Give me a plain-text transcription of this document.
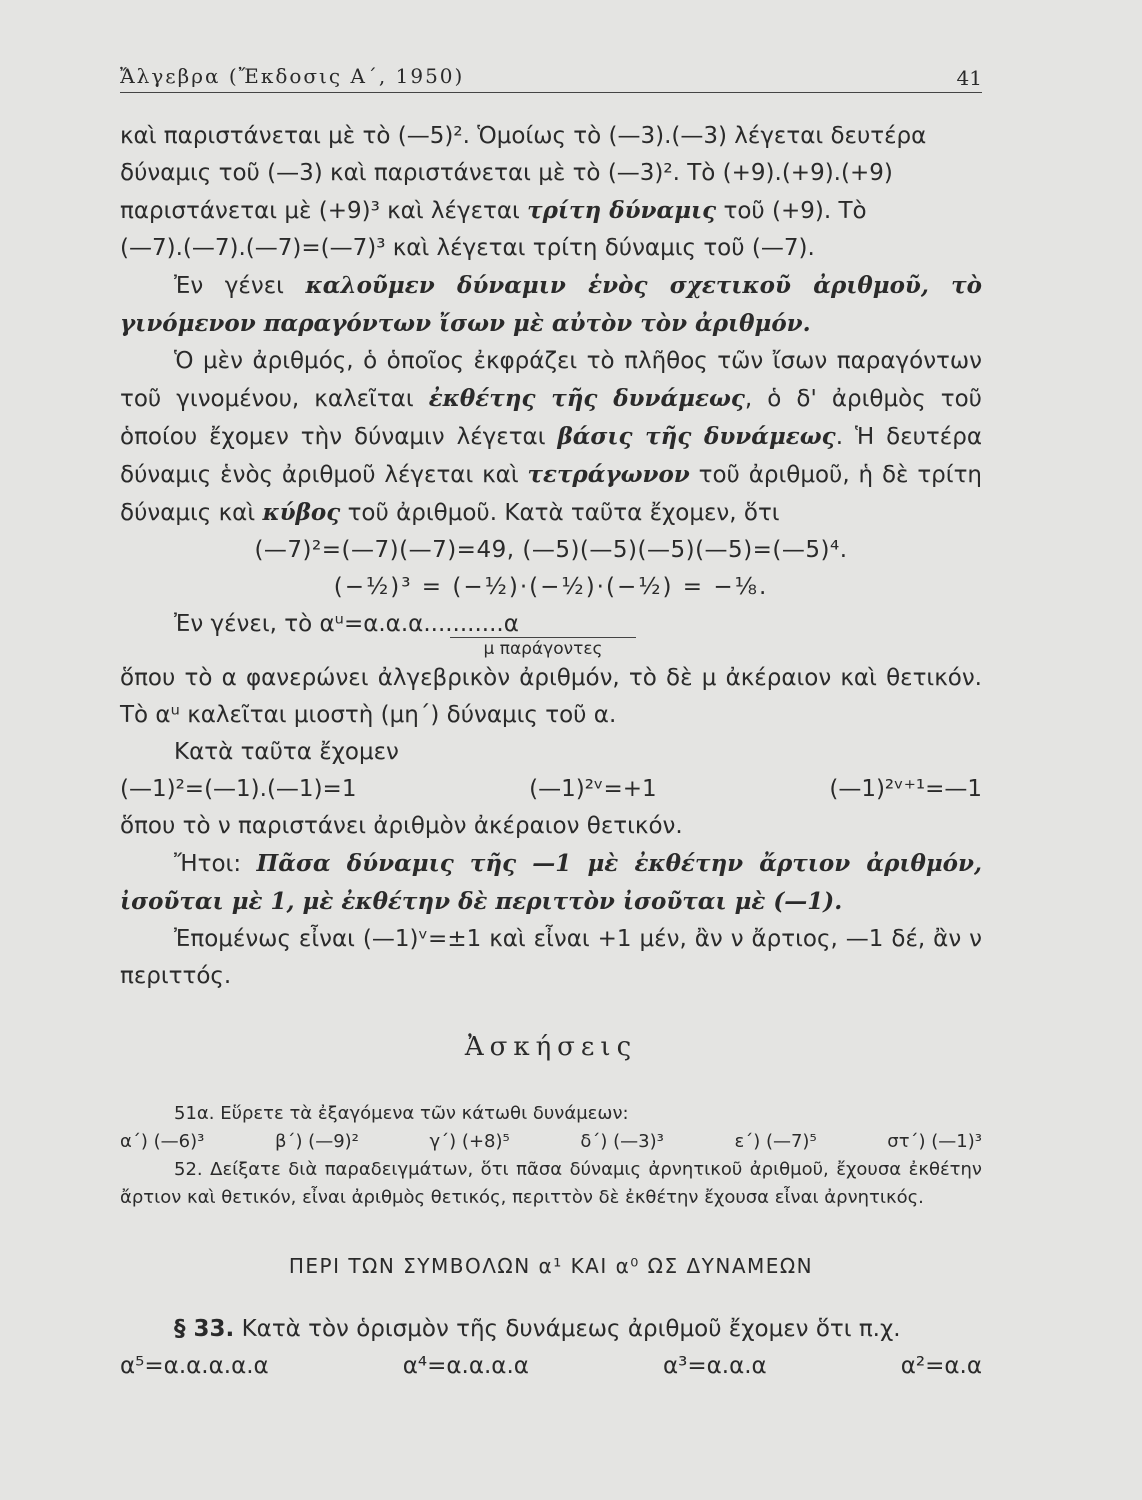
Ἄλγεβρα (Ἔκδοσις Α΄, 1950)	41

καὶ παριστάνεται μὲ τὸ (—5)². Ὁμοίως τὸ (—3).(—3) λέγεται δευτέρα

δύναμις τοῦ (—3) καὶ παριστάνεται μὲ τὸ (—3)². Τὸ (+9).(+9).(+9)

παριστάνεται μὲ (+9)³ καὶ λέγεται τρίτη δύναμις τοῦ (+9). Τὸ

(—7).(—7).(—7)=(—7)³ καὶ λέγεται τρίτη δύναμις τοῦ (—7).

Ἐν γένει καλοῦμεν δύναμιν ἑνὸς σχετικοῦ ἀριθμοῦ, τὸ γινόμενον παραγόντων ἴσων μὲ αὐτὸν τὸν ἀριθμόν.

Ὁ μὲν ἀριθμός, ὁ ὁποῖος ἐκφράζει τὸ πλῆθος τῶν ἴσων παραγόντων τοῦ γινομένου, καλεῖται ἐκθέτης τῆς δυνάμεως, ὁ δ' ἀριθμὸς τοῦ ὁποίου ἔχομεν τὴν δύναμιν λέγεται βάσις τῆς δυνάμεως. Ἡ δευτέρα δύναμις ἑνὸς ἀριθμοῦ λέγεται καὶ τετράγωνον τοῦ ἀριθμοῦ, ἡ δὲ τρίτη δύναμις καὶ κύβος τοῦ ἀριθμοῦ. Κατὰ ταῦτα ἔχομεν, ὅτι

(—7)²=(—7)(—7)=49, (—5)(—5)(—5)(—5)=(—5)⁴.

(−½)³ = (−½)·(−½)·(−½) = −⅛.

Ἐν γένει, τὸ αᵘ=α.α.α...........α

μ παράγοντες

ὅπου τὸ α φανερώνει ἀλγεβρικὸν ἀριθμόν, τὸ δὲ μ ἀκέραιον καὶ θετικόν. Τὸ αᵘ καλεῖται μιοστὴ (μη΄) δύναμις τοῦ α.

Κατὰ ταῦτα ἔχομεν

(—1)²=(—1).(—1)=1	(—1)²ᵛ=+1	(—1)²ᵛ⁺¹=—1

ὅπου τὸ ν παριστάνει ἀριθμὸν ἀκέραιον θετικόν.

Ἤτοι: Πᾶσα δύναμις τῆς —1 μὲ ἐκθέτην ἄρτιον ἀριθμόν, ἰσοῦται μὲ 1, μὲ ἐκθέτην δὲ περιττὸν ἰσοῦται μὲ (—1).

Ἐπομένως εἶναι (—1)ᵛ=±1 καὶ εἶναι +1 μέν, ἂν ν ἄρτιος, —1 δέ, ἂν ν περιττός.

Ἀσκήσεις

51α. Εὕρετε τὰ ἐξαγόμενα τῶν κάτωθι δυνάμεων:

α΄) (—6)³	β΄) (—9)²	γ΄) (+8)⁵	δ΄) (—3)³	ε΄) (—7)⁵	στ΄) (—1)³

52. Δείξατε διὰ παραδειγμάτων, ὅτι πᾶσα δύναμις ἀρνητικοῦ ἀριθμοῦ, ἔχουσα ἐκθέτην ἄρτιον καὶ θετικόν, εἶναι ἀριθμὸς θετικός, περιττὸν δὲ ἐκθέτην ἔχουσα εἶναι ἀρνητικός.

ΠΕΡΙ ΤΩΝ ΣΥΜΒΟΛΩΝ α¹ ΚΑΙ α⁰ ΩΣ ΔΥΝΑΜΕΩΝ

§ 33. Κατὰ τὸν ὁρισμὸν τῆς δυνάμεως ἀριθμοῦ ἔχομεν ὅτι π.χ.

α⁵=α.α.α.α.α	α⁴=α.α.α.α	α³=α.α.α	α²=α.α
